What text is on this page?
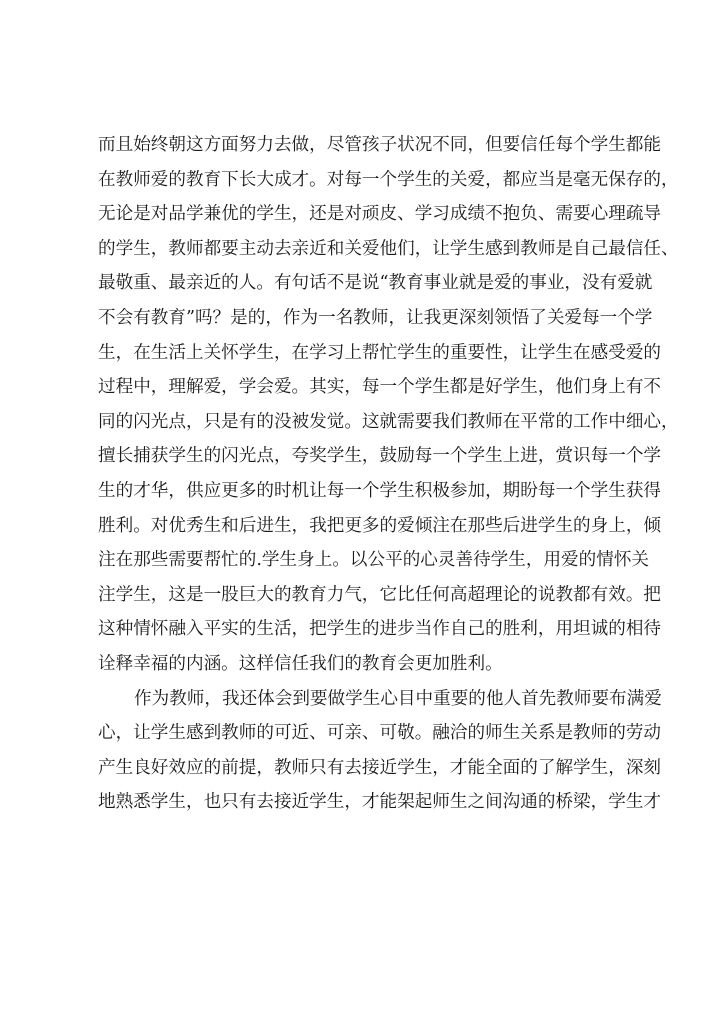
而且始终朝这方面努力去做，尽管孩子状况不同，但要信任每个学生都能
在教师爱的教育下长大成才。对每一个学生的关爱，都应当是毫无保存的，
无论是对品学兼优的学生，还是对顽皮、学习成绩不抱负、需要心理疏导
的学生，教师都要主动去亲近和关爱他们，让学生感到教师是自己最信任、
最敬重、最亲近的人。有句话不是说“教育事业就是爱的事业，没有爱就
不会有教育”吗？是的，作为一名教师，让我更深刻领悟了关爱每一个学
生，在生活上关怀学生，在学习上帮忙学生的重要性，让学生在感受爱的
过程中，理解爱，学会爱。其实，每一个学生都是好学生，他们身上有不
同的闪光点，只是有的没被发觉。这就需要我们教师在平常的工作中细心，
擅长捕获学生的闪光点，夸奖学生，鼓励每一个学生上进，赏识每一个学
生的才华，供应更多的时机让每一个学生积极参加，期盼每一个学生获得
胜利。对优秀生和后进生，我把更多的爱倾注在那些后进学生的身上，倾
注在那些需要帮忙的.学生身上。以公平的心灵善待学生，用爱的情怀关
注学生，这是一股巨大的教育力气，它比任何高超理论的说教都有效。把
这种情怀融入平实的生活，把学生的进步当作自己的胜利，用坦诚的相待
诠释幸福的内涵。这样信任我们的教育会更加胜利。
作为教师，我还体会到要做学生心目中重要的他人首先教师要布满爱
心，让学生感到教师的可近、可亲、可敬。融洽的师生关系是教师的劳动
产生良好效应的前提，教师只有去接近学生，才能全面的了解学生，深刻
地熟悉学生，也只有去接近学生，才能架起师生之间沟通的桥梁，学生才
